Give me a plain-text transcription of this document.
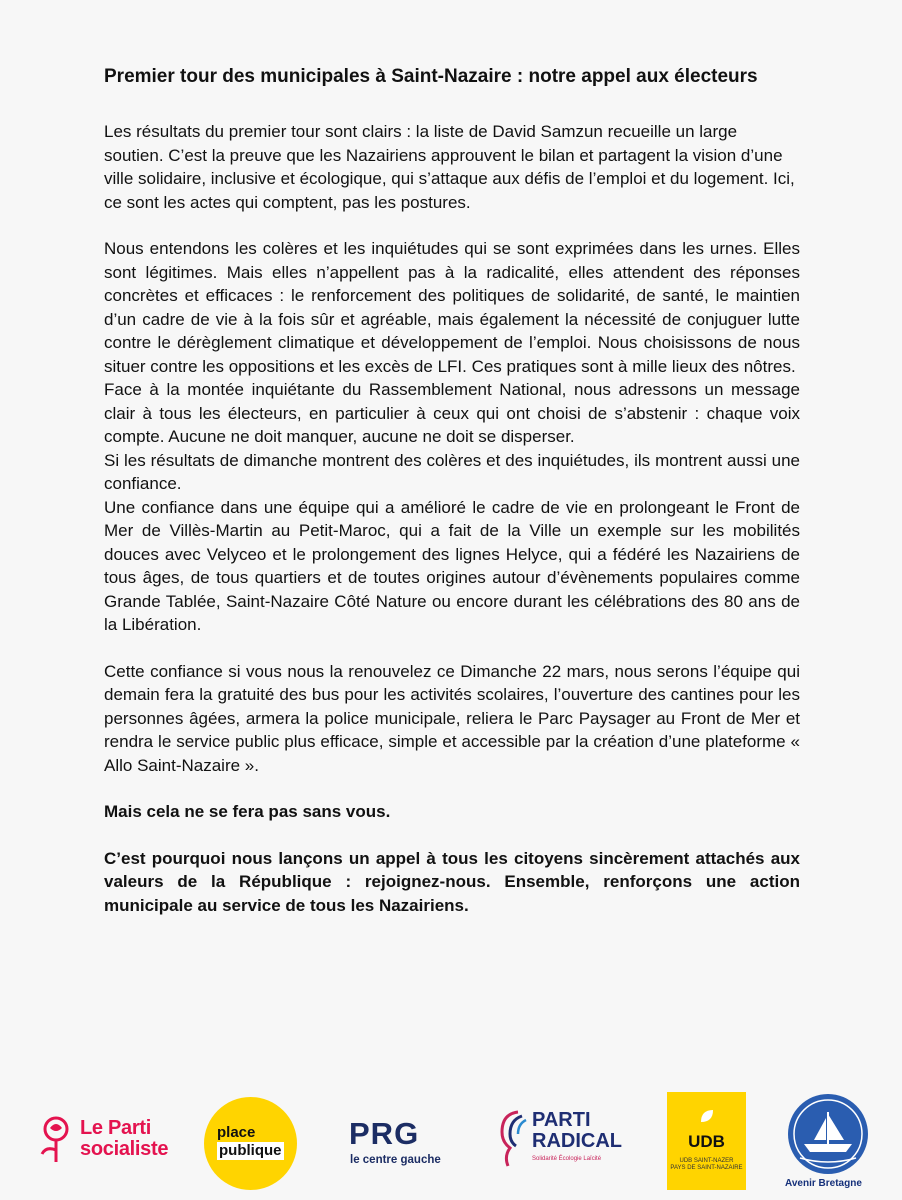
Premier tour des municipales à Saint-Nazaire : notre appel aux électeurs

Les résultats du premier tour sont clairs : la liste de David Samzun recueille un large soutien. C’est la preuve que les Nazairiens approuvent le bilan et partagent la vision d’une ville solidaire, inclusive et écologique, qui s’attaque aux défis de l’emploi et du logement. Ici, ce sont les actes qui comptent, pas les postures.

Nous entendons les colères et les inquiétudes qui se sont exprimées dans les urnes. Elles sont légitimes. Mais elles n’appellent pas à la radicalité, elles attendent des réponses concrètes et efficaces : le renforcement des politiques de solidarité, de santé, le maintien d’un cadre de vie à la fois sûr et agréable, mais également la nécessité de conjuguer lutte contre le dérèglement climatique et développement de l’emploi. Nous choisissons de nous situer contre les oppositions et les excès de LFI. Ces pratiques sont à mille lieux des nôtres.

Face à la montée inquiétante du Rassemblement National, nous adressons un message clair à tous les électeurs, en particulier à ceux qui ont choisi de s’abstenir : chaque voix compte. Aucune ne doit manquer, aucune ne doit se disperser.

Si les résultats de dimanche montrent des colères et des inquiétudes, ils montrent aussi une confiance.

Une confiance dans une équipe qui a amélioré le cadre de vie en prolongeant le Front de Mer de Villès-Martin au Petit-Maroc, qui a fait de la Ville un exemple sur les mobilités douces avec Velyceo et le prolongement des lignes Helyce, qui a fédéré les Nazairiens de tous âges, de tous quartiers et de toutes origines autour d’évènements populaires comme Grande Tablée, Saint-Nazaire Côté Nature ou encore durant les célébrations des 80 ans de la Libération.

Cette confiance si vous nous la renouvelez ce Dimanche 22 mars, nous serons l’équipe qui demain fera la gratuité des bus pour les activités scolaires, l’ouverture des cantines pour les personnes âgées, armera la police municipale, reliera le Parc Paysager au Front de Mer et rendra le service public plus efficace, simple et accessible par la création d’une plateforme « Allo Saint-Nazaire ».

Mais cela ne se fera pas sans vous.

C’est pourquoi nous lançons un appel à tous les citoyens sincèrement attachés aux valeurs de la République : rejoignez-nous. Ensemble, renforçons une action municipale au service de tous les Nazairiens.

Le Parti
socialiste
place
publique PRG
le centre gauche
PARTI
RADICAL
Solidarité Écologie Laïcité
UDB
UDB SAINT-NAZER
PAYS DE SAINT-NAZAIRE
Avenir Bretagne
